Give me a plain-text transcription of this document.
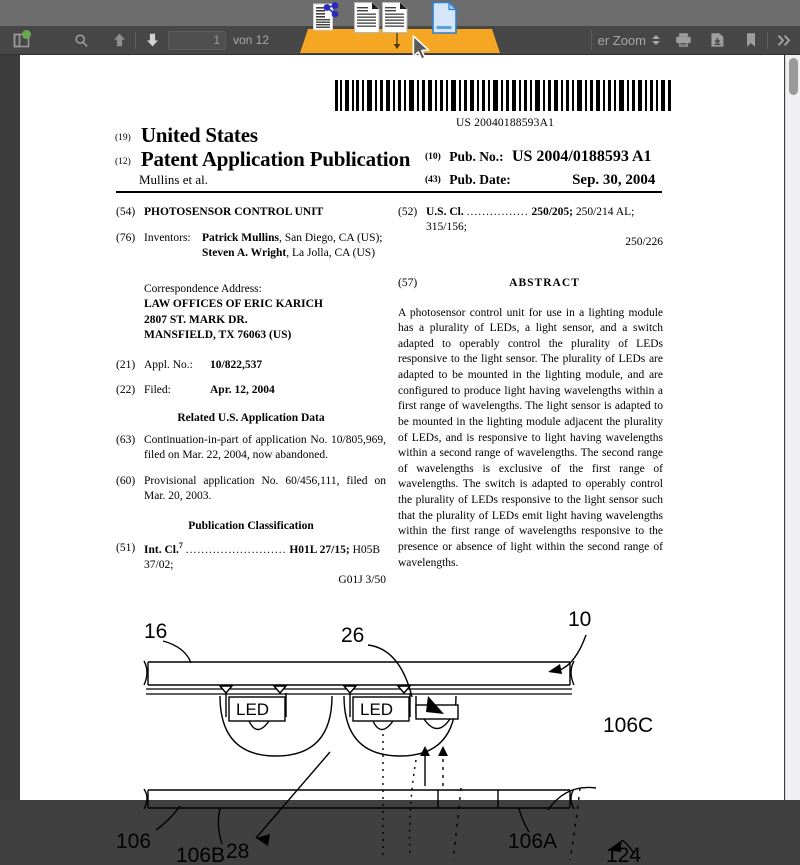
1	von 12	er Zoom
US 20040188593A1
(19) United States
(12) Patent Application Publication
Mullins et al.
(10) Pub. No.: US 2004/0188593 A1
(43) Pub. Date:	Sep. 30, 2004
(54) PHOTOSENSOR CONTROL UNIT
(76) Inventors: Patrick Mullins, San Diego, CA (US);
Steven A. Wright, La Jolla, CA (US)
Correspondence Address:
LAW OFFICES OF ERIC KARICH
2807 ST. MARK DR.
MANSFIELD, TX 76063 (US)
(21) Appl. No.: 10/822,537
(22) Filed:	Apr. 12, 2004
Related U.S. Application Data
(63) Continuation-in-part of application No. 10/805,969, filed on Mar. 22, 2004, now abandoned.
(60) Provisional application No. 60/456,111, filed on Mar. 20, 2003.
Publication Classification
(51) Int. Cl.$^7$ .......................... H01L 27/15; H05B 37/02;
G01J 3/50
(52) U.S. Cl. ................ 250/205; 250/214 AL; 315/156;
250/226
(57)	ABSTRACT
A photosensor control unit for use in a lighting module has a plurality of LEDs, a light sensor, and a switch adapted to operably control the plurality of LEDs responsive to the light sensor. The plurality of LEDs are adapted to be mounted in the lighting module, and are configured to produce light having wavelengths within a first range of wavelengths. The light sensor is adapted to be mounted in the lighting module adjacent the plurality of LEDs, and is responsive to light having wavelengths within a second range of wavelengths. The second range of wavelengths is exclusive of the first range of wavelengths. The switch is adapted to operably control the plurality of LEDs responsive to the light sensor such that the plurality of LEDs emit light having wavelengths within the first range of wavelengths responsive to the presence or absence of light within the second range of wavelengths.
16	26
10
106
106B 28
106C
106A
124
LED	LED
